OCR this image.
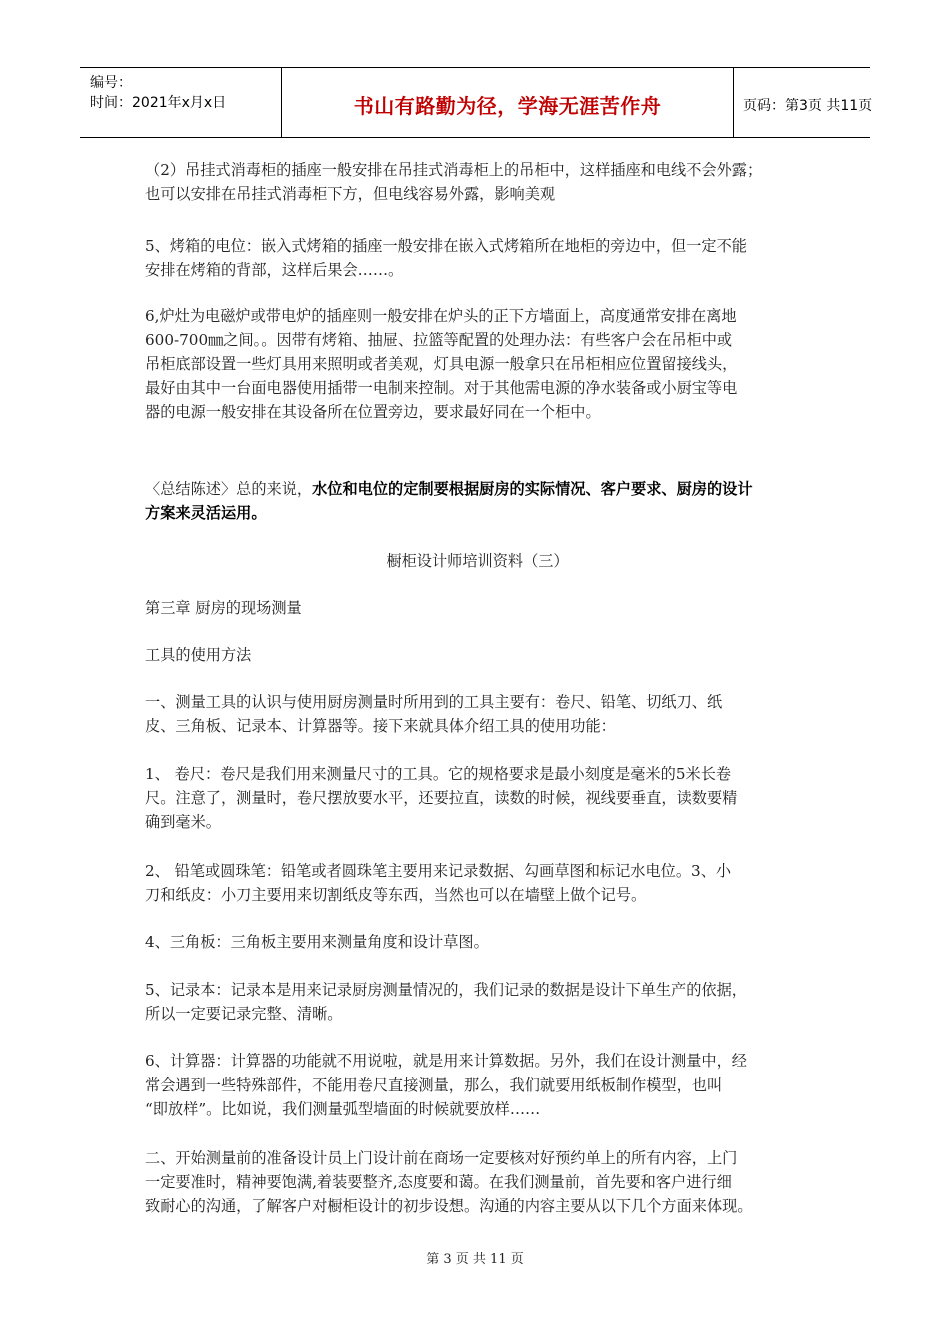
编号：
时间：2021年x月x日	书山有路勤为径，学海无涯苦作舟	页码：第3页 共11页
（2）吊挂式消毒柜的插座一般安排在吊挂式消毒柜上的吊柜中，这样插座和电线不会外露；
也可以安排在吊挂式消毒柜下方，但电线容易外露，影响美观
5、烤箱的电位：嵌入式烤箱的插座一般安排在嵌入式烤箱所在地柜的旁边中，但一定不能
安排在烤箱的背部，这样后果会……。
6,炉灶为电磁炉或带电炉的插座则一般安排在炉头的正下方墙面上，高度通常安排在离地
600-700㎜之间。。因带有烤箱、抽屉、拉篮等配置的处理办法：有些客户会在吊柜中或
吊柜底部设置一些灯具用来照明或者美观，灯具电源一般拿只在吊柜相应位置留接线头，
最好由其中一台面电器使用插带一电制来控制。对于其他需电源的净水装备或小厨宝等电
器的电源一般安排在其设备所在位置旁边，要求最好同在一个柜中。
〈总结陈述〉总的来说，水位和电位的定制要根据厨房的实际情况、客户要求、厨房的设计
方案来灵活运用。
橱柜设计师培训资料（三）
第三章 厨房的现场测量
工具的使用方法
一、测量工具的认识与使用厨房测量时所用到的工具主要有：卷尺、铅笔、切纸刀、纸
皮、三角板、记录本、计算器等。接下来就具体介绍工具的使用功能：
1、 卷尺：卷尺是我们用来测量尺寸的工具。它的规格要求是最小刻度是毫米的5米长卷
尺。注意了，测量时，卷尺摆放要水平，还要拉直，读数的时候，视线要垂直，读数要精
确到毫米。
2、 铅笔或圆珠笔：铅笔或者圆珠笔主要用来记录数据、勾画草图和标记水电位。3、小
刀和纸皮：小刀主要用来切割纸皮等东西，当然也可以在墙壁上做个记号。
4、三角板：三角板主要用来测量角度和设计草图。
5、记录本：记录本是用来记录厨房测量情况的，我们记录的数据是设计下单生产的依据，
所以一定要记录完整、清晰。
6、计算器：计算器的功能就不用说啦，就是用来计算数据。另外，我们在设计测量中，经
常会遇到一些特殊部件，不能用卷尺直接测量，那么，我们就要用纸板制作模型，也叫
“即放样”。比如说，我们测量弧型墙面的时候就要放样……
二、开始测量前的准备设计员上门设计前在商场一定要核对好预约单上的所有内容，上门
一定要准时，精神要饱满,着装要整齐,态度要和蔼。在我们测量前，首先要和客户进行细
致耐心的沟通，了解客户对橱柜设计的初步设想。沟通的内容主要从以下几个方面来体现。
第 3 页 共 11 页
